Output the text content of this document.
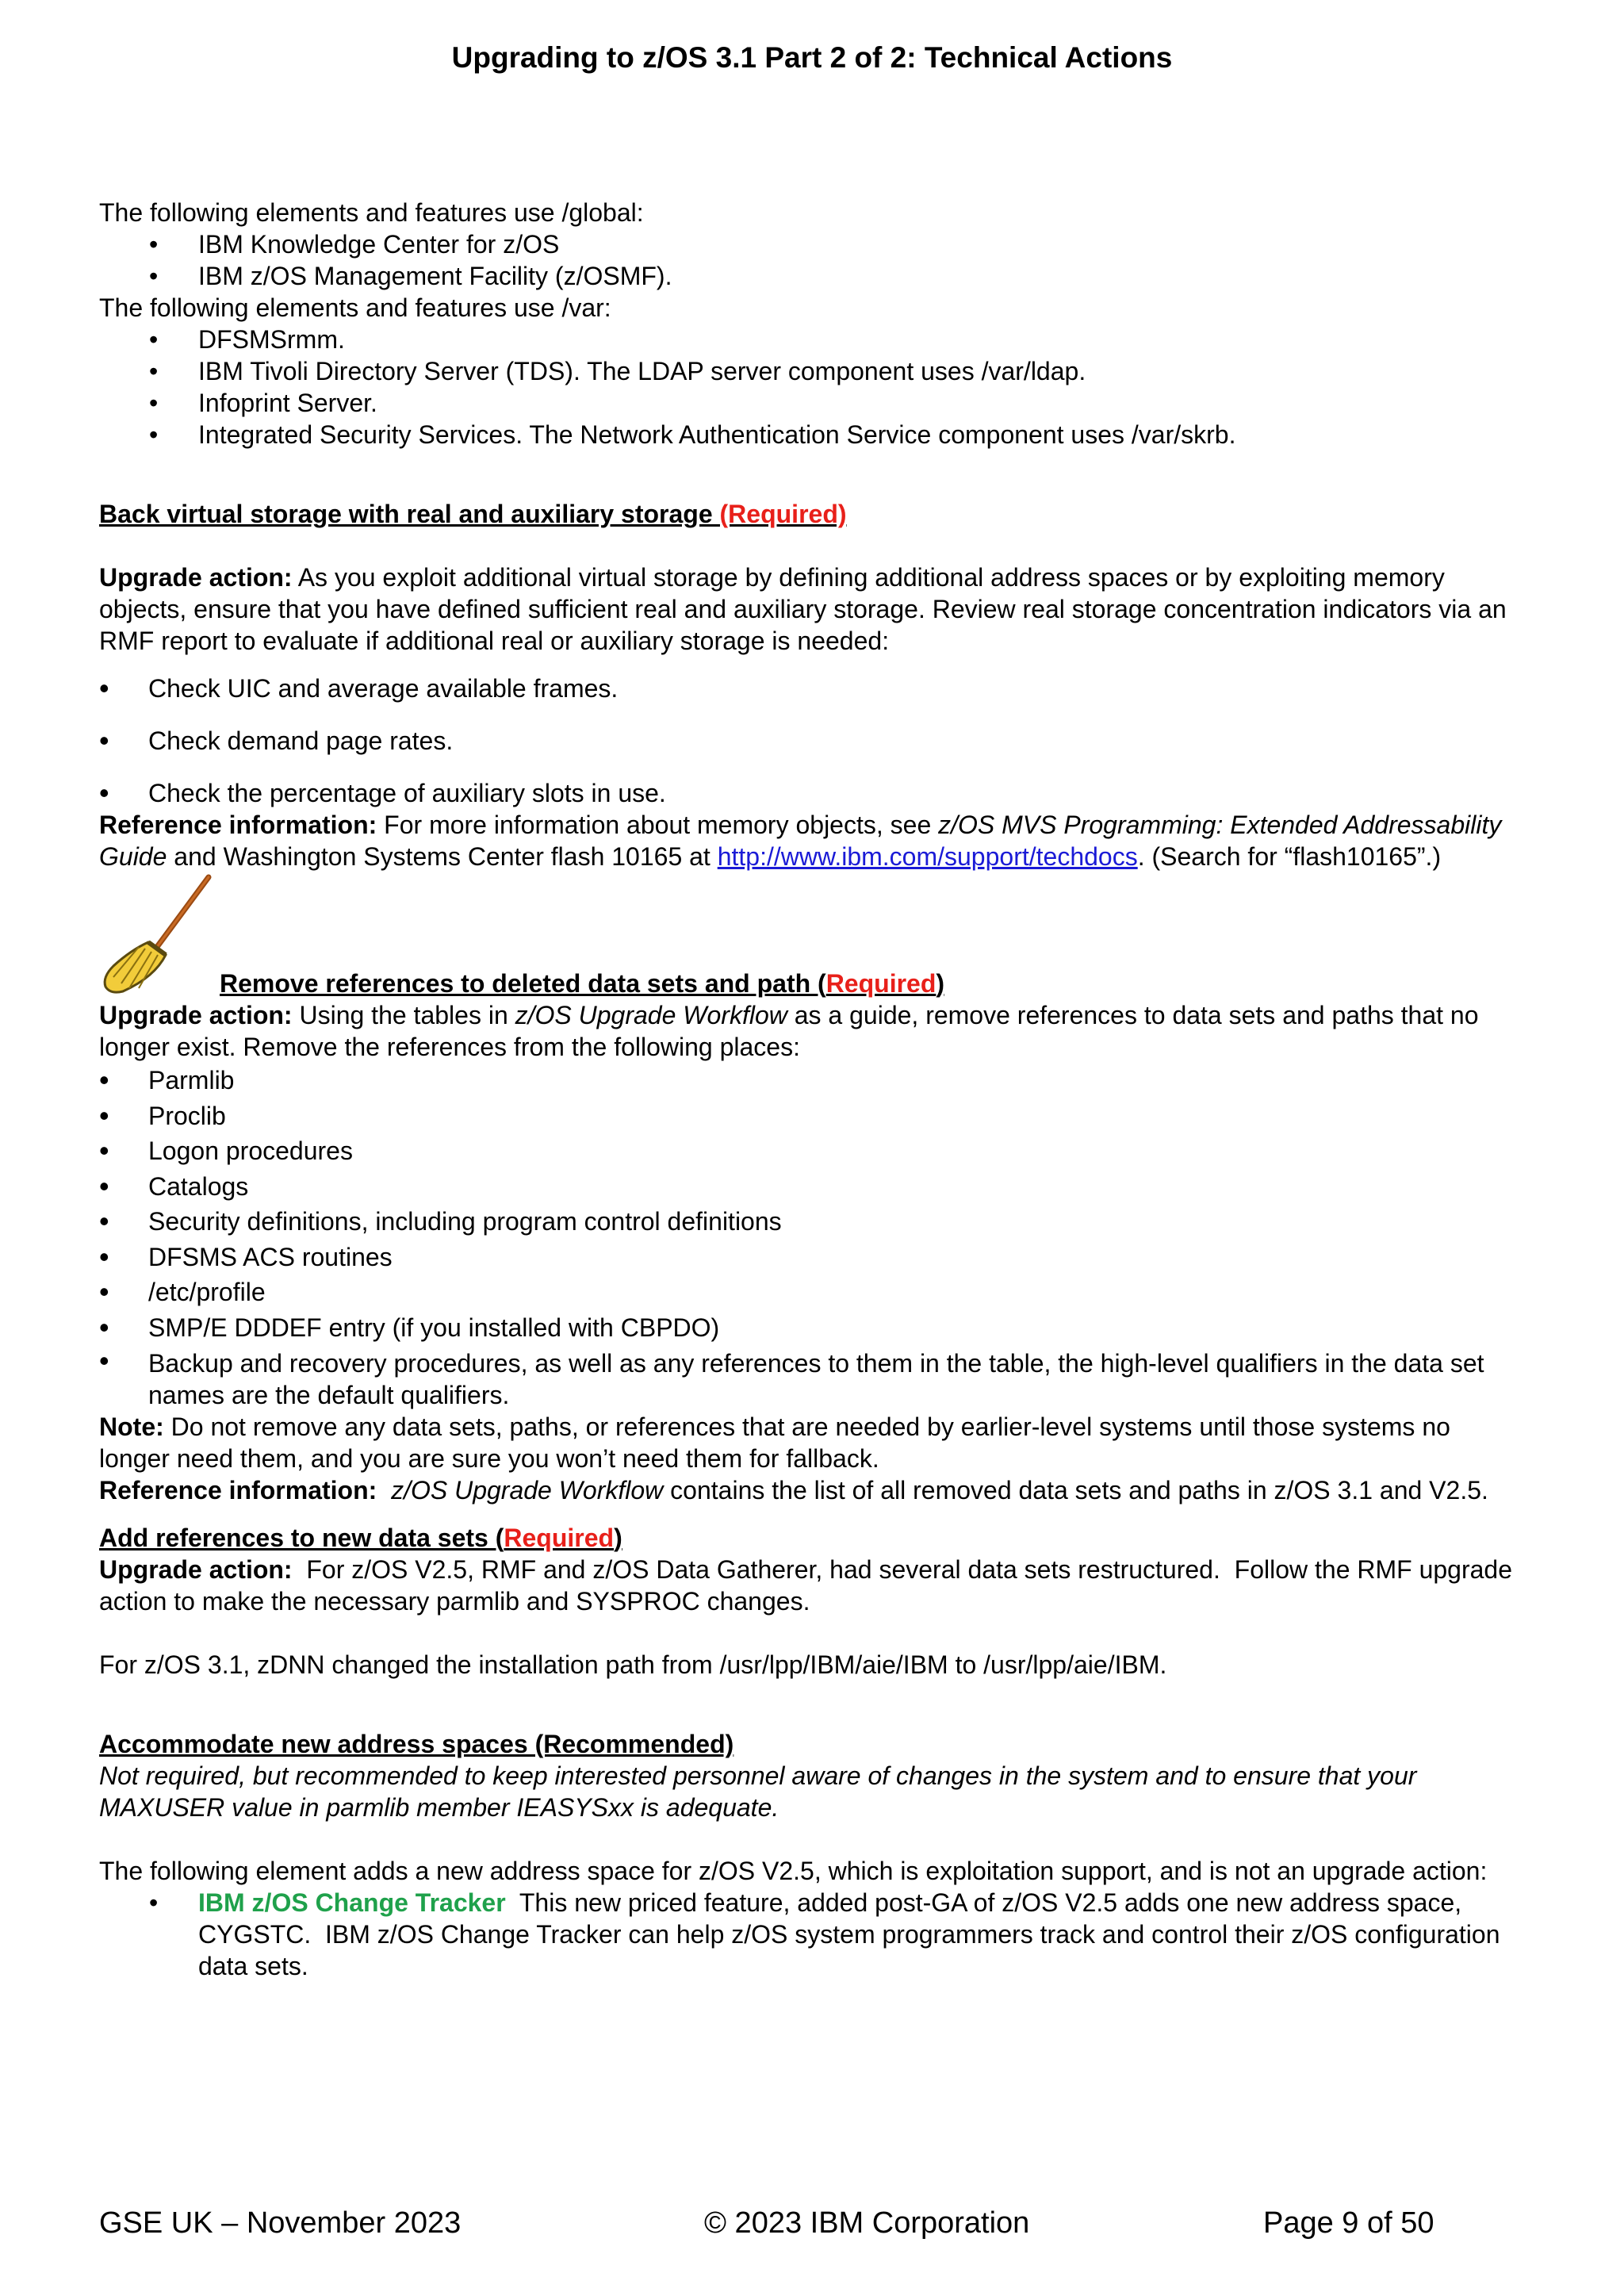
Upgrading to z/OS 3.1 Part 2 of 2: Technical Actions

The following elements and features use /global:

• IBM Knowledge Center for z/OS
• IBM z/OS Management Facility (z/OSMF).

The following elements and features use /var:

• DFSMSrmm.
• IBM Tivoli Directory Server (TDS). The LDAP server component uses /var/ldap.
• Infoprint Server.
• Integrated Security Services. The Network Authentication Service component uses /var/skrb.

Back virtual storage with real and auxiliary storage (Required)

Upgrade action: As you exploit additional virtual storage by defining additional address spaces or by exploiting memory objects, ensure that you have defined sufficient real and auxiliary storage. Review real storage concentration indicators via an RMF report to evaluate if additional real or auxiliary storage is needed:

• Check UIC and average available frames.
• Check demand page rates.
• Check the percentage of auxiliary slots in use.

Reference information: For more information about memory objects, see z/OS MVS Programming: Extended Addressability Guide and Washington Systems Center flash 10165 at http://www.ibm.com/support/techdocs. (Search for “flash10165”.)

Remove references to deleted data sets and path (Required)

Upgrade action: Using the tables in z/OS Upgrade Workflow as a guide, remove references to data sets and paths that no longer exist. Remove the references from the following places:

• Parmlib
• Proclib
• Logon procedures
• Catalogs
• Security definitions, including program control definitions
• DFSMS ACS routines
• /etc/profile
• SMP/E DDDEF entry (if you installed with CBPDO)
• Backup and recovery procedures, as well as any references to them in the table, the high-level qualifiers in the data set names are the default qualifiers.

Note: Do not remove any data sets, paths, or references that are needed by earlier-level systems until those systems no longer need them, and you are sure you won’t need them for fallback.

Reference information: z/OS Upgrade Workflow contains the list of all removed data sets and paths in z/OS 3.1 and V2.5.

Add references to new data sets (Required)

Upgrade action:  For z/OS V2.5, RMF and z/OS Data Gatherer, had several data sets restructured.  Follow the RMF upgrade action to make the necessary parmlib and SYSPROC changes.

For z/OS 3.1, zDNN changed the installation path from /usr/lpp/IBM/aie/IBM to /usr/lpp/aie/IBM.

Accommodate new address spaces (Recommended)

Not required, but recommended to keep interested personnel aware of changes in the system and to ensure that your MAXUSER value in parmlib member IEASYSxx is adequate.

The following element adds a new address space for z/OS V2.5, which is exploitation support, and is not an upgrade action:

• IBM z/OS Change Tracker  This new priced feature, added post-GA of z/OS V2.5 adds one new address space, CYGSTC.  IBM z/OS Change Tracker can help z/OS system programmers track and control their z/OS configuration data sets.
GSE UK – November 2023	© 2023 IBM Corporation	Page 9 of 50
